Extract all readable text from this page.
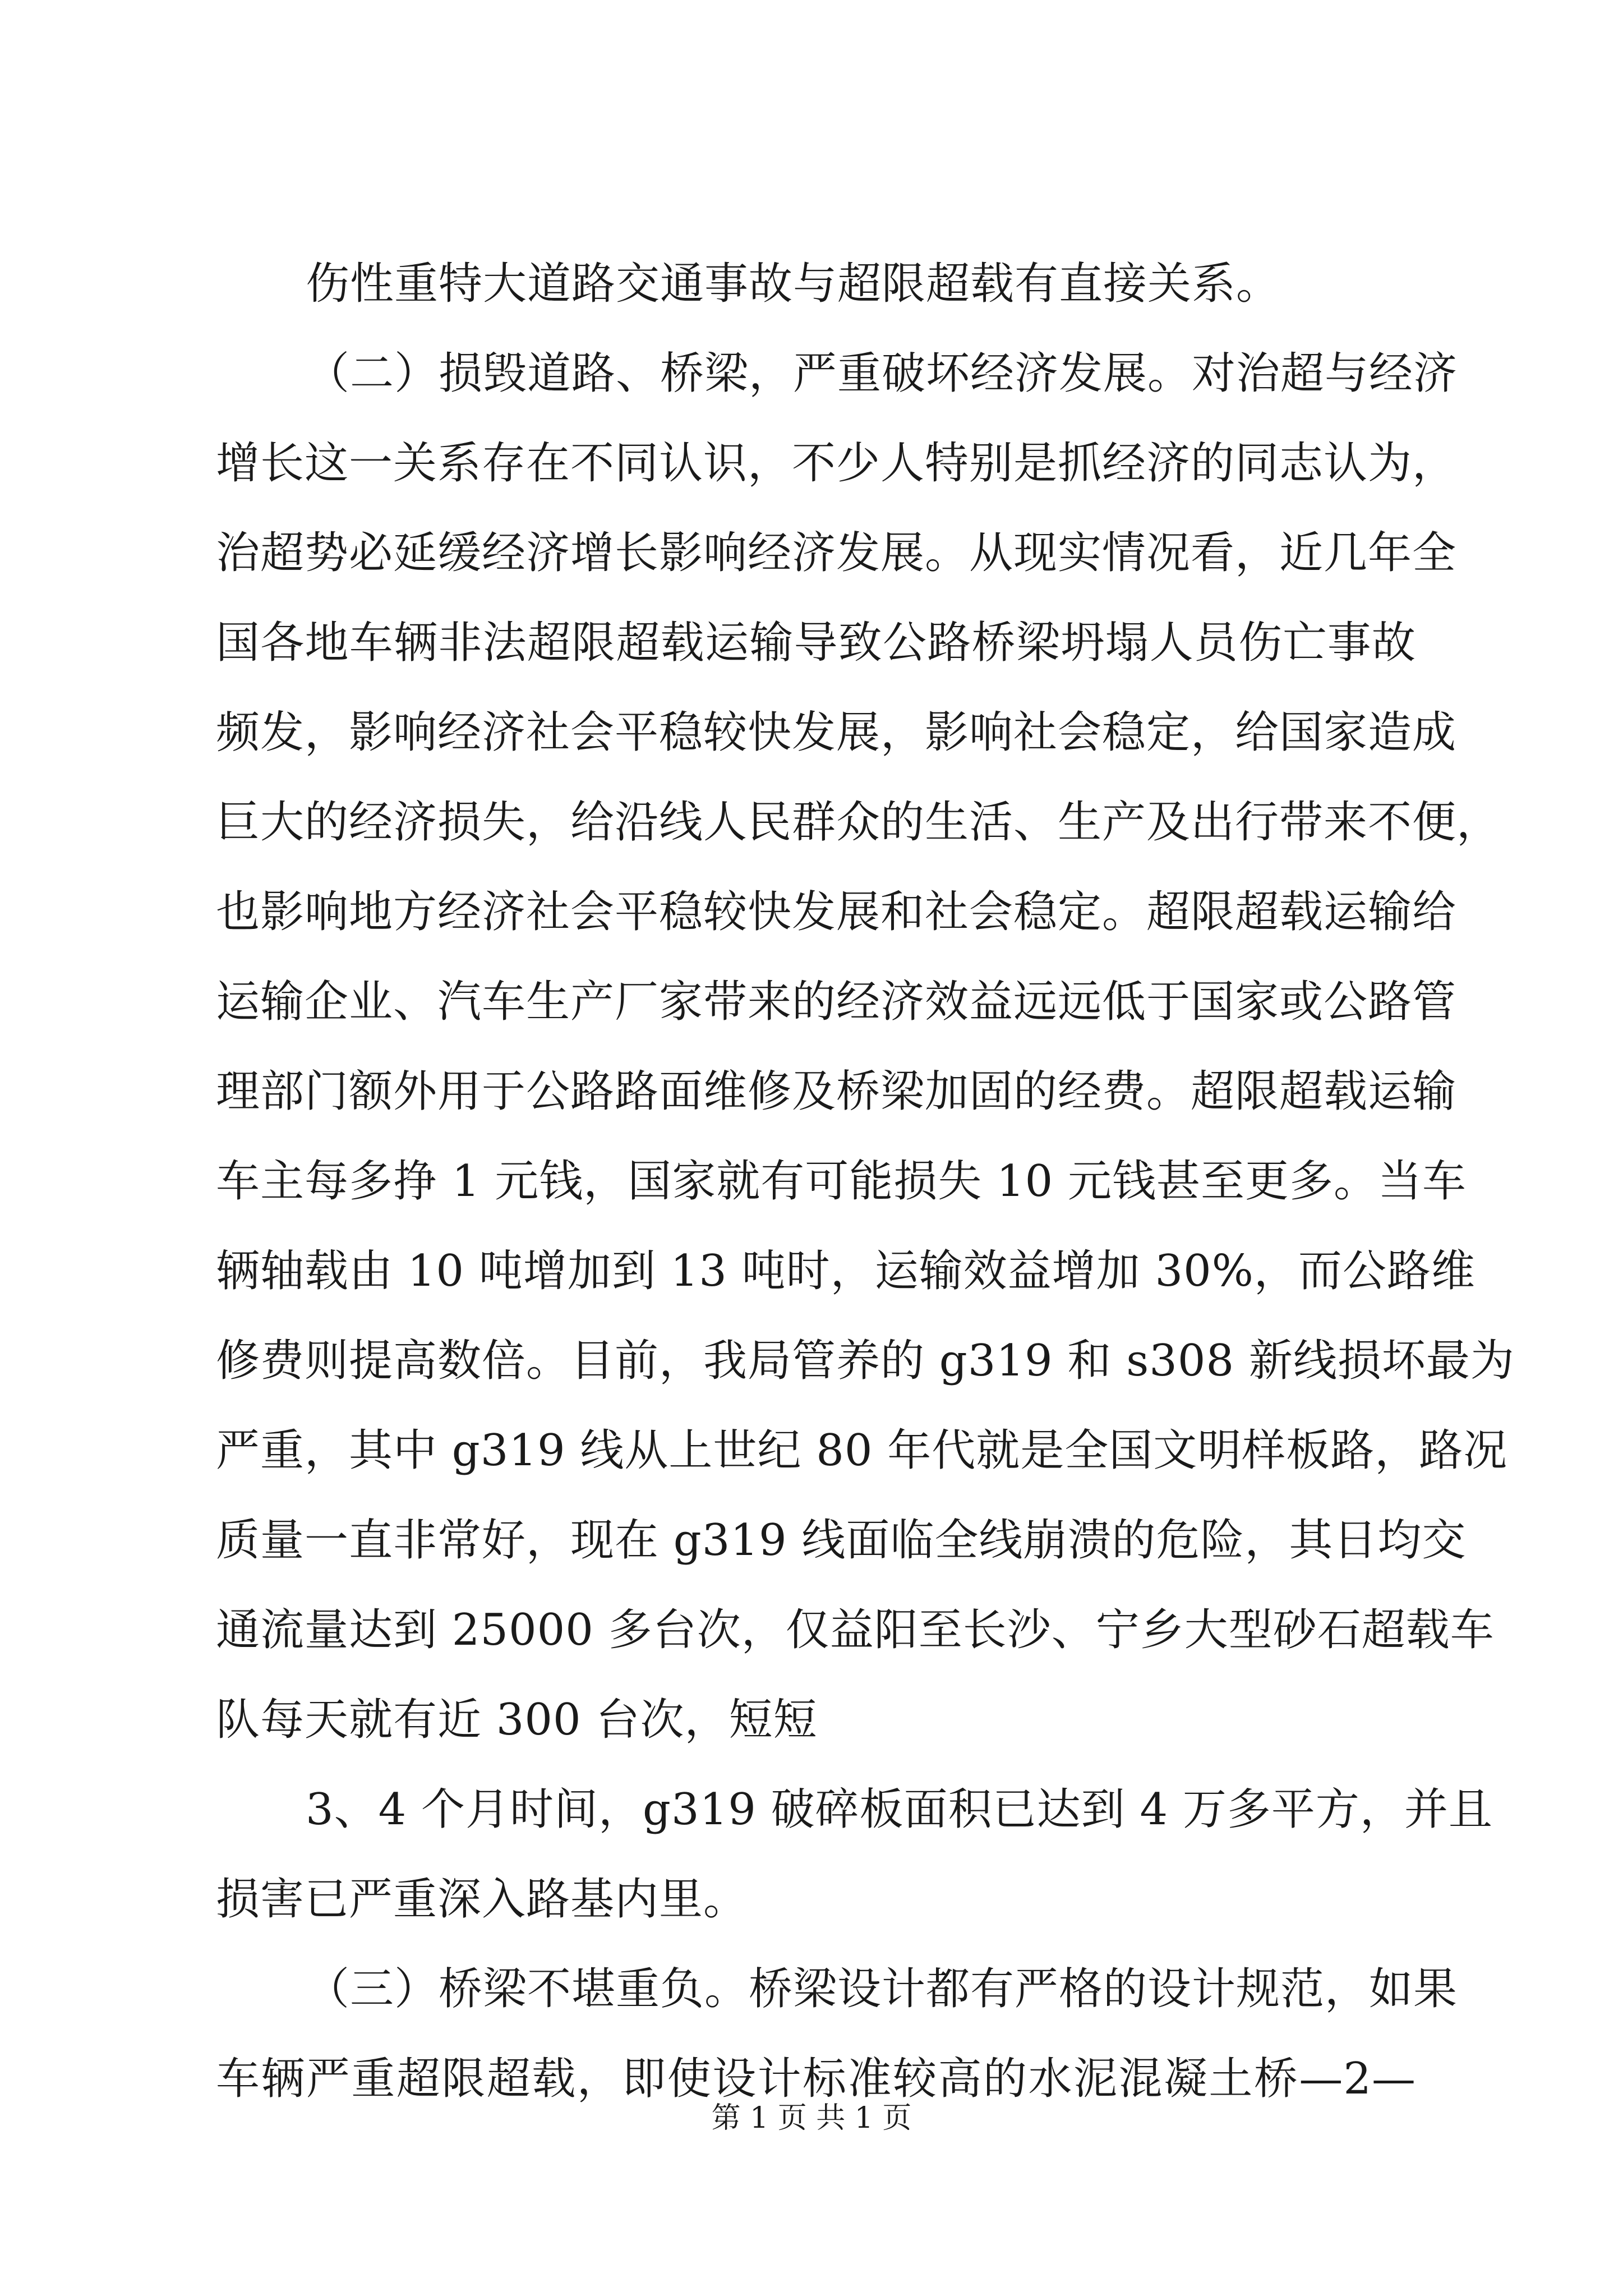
伤性重特大道路交通事故与超限超载有直接关系。
（二）损毁道路、桥梁，严重破坏经济发展。对治超与经济
增长这一关系存在不同认识，不少人特别是抓经济的同志认为，
治超势必延缓经济增长影响经济发展。从现实情况看，近几年全
国各地车辆非法超限超载运输导致公路桥梁坍塌人员伤亡事故
频发，影响经济社会平稳较快发展，影响社会稳定，给国家造成
巨大的经济损失，给沿线人民群众的生活、生产及出行带来不便，
也影响地方经济社会平稳较快发展和社会稳定。超限超载运输给
运输企业、汽车生产厂家带来的经济效益远远低于国家或公路管
理部门额外用于公路路面维修及桥梁加固的经费。超限超载运输
车主每多挣 1 元钱，国家就有可能损失 10 元钱甚至更多。当车
辆轴载由 10 吨增加到 13 吨时，运输效益增加 30%，而公路维
修费则提高数倍。目前，我局管养的 g319 和 s308 新线损坏最为
严重，其中 g319 线从上世纪 80 年代就是全国文明样板路，路况
质量一直非常好，现在 g319 线面临全线崩溃的危险，其日均交
通流量达到 25000 多台次，仅益阳至长沙、宁乡大型砂石超载车
队每天就有近 300 台次，短短
3、4 个月时间，g319 破碎板面积已达到 4 万多平方，并且
损害已严重深入路基内里。
（三）桥梁不堪重负。桥梁设计都有严格的设计规范，如果
车辆严重超限超载，即使设计标准较高的水泥混凝土桥—2—
第 1 页 共 1 页
